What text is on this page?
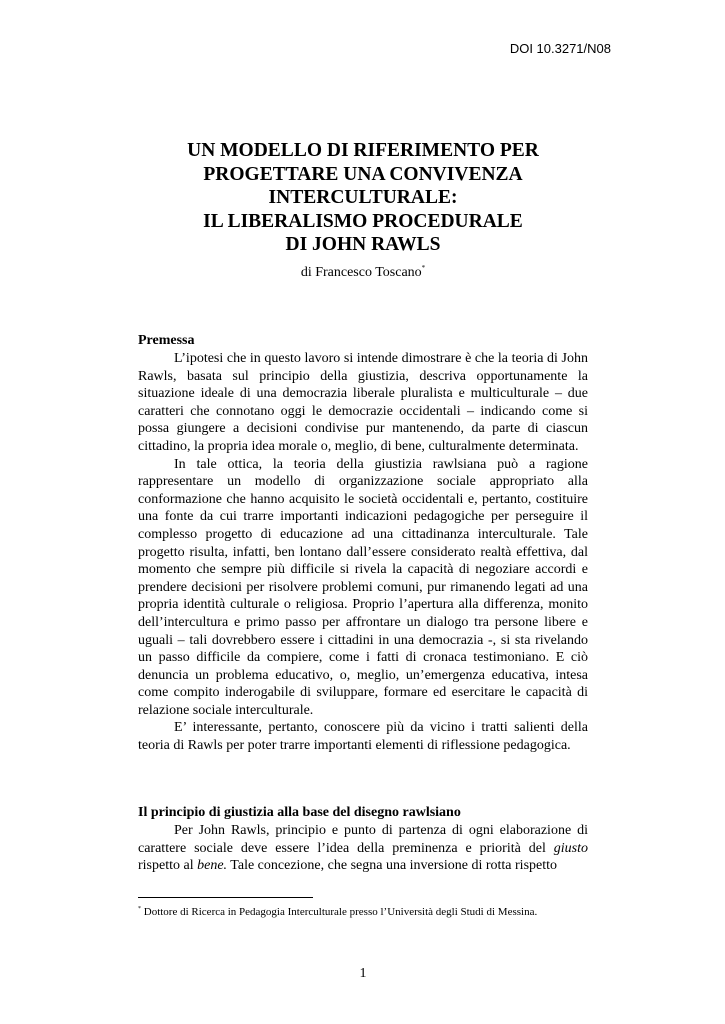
DOI 10.3271/N08
UN MODELLO DI RIFERIMENTO PER
PROGETTARE UNA CONVIVENZA
INTERCULTURALE:
IL LIBERALISMO PROCEDURALE
DI JOHN RAWLS
di Francesco Toscano*
Premessa

L’ipotesi che in questo lavoro si intende dimostrare è che la teoria di John Rawls, basata sul principio della giustizia, descriva opportunamente la situazione ideale di una democrazia liberale pluralista e multiculturale – due caratteri che connotano oggi le democrazie occidentali – indicando come si possa giungere a decisioni condivise pur mantenendo, da parte di ciascun cittadino, la propria idea morale o, meglio, di bene, culturalmente determinata.

In tale ottica, la teoria della giustizia rawlsiana può a ragione rappresentare un modello di organizzazione sociale appropriato alla conformazione che hanno acquisito le società occidentali e, pertanto, costituire una fonte da cui trarre importanti indicazioni pedagogiche per perseguire il complesso progetto di educazione ad una cittadinanza interculturale. Tale progetto risulta, infatti, ben lontano dall’essere considerato realtà effettiva, dal momento che sempre più difficile si rivela la capacità di negoziare accordi e prendere decisioni per risolvere problemi comuni, pur rimanendo legati ad una propria identità culturale o religiosa. Proprio l’apertura alla differenza, monito dell’intercultura e primo passo per affrontare un dialogo tra persone libere e uguali – tali dovrebbero essere i cittadini in una democrazia -, si sta rivelando un passo difficile da compiere, come i fatti di cronaca testimoniano. E ciò denuncia un problema educativo, o, meglio, un’emergenza educativa, intesa come compito inderogabile di sviluppare, formare ed esercitare le capacità di relazione sociale interculturale.

E’ interessante, pertanto, conoscere più da vicino i tratti salienti della teoria di Rawls per poter trarre importanti elementi di riflessione pedagogica.

Il principio di giustizia alla base del disegno rawlsiano

Per John Rawls, principio e punto di partenza di ogni elaborazione di carattere sociale deve essere l’idea della preminenza e priorità del giusto rispetto al bene. Tale concezione, che segna una inversione di rotta rispetto

* Dottore di Ricerca in Pedagogia Interculturale presso l’Università degli Studi di Messina.
1
